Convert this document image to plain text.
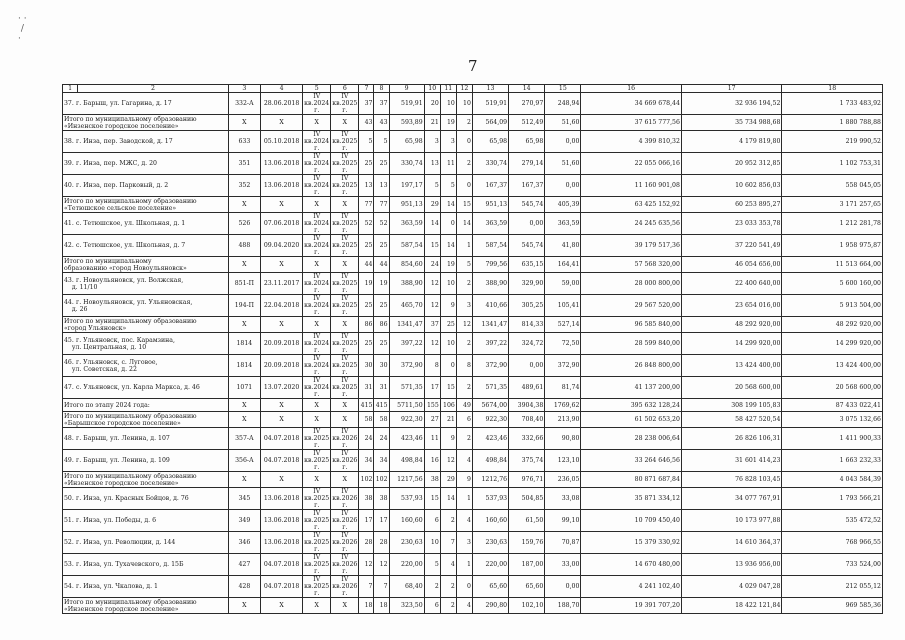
· ·
/
·
7
1	2	3	4	5	6	7	8	9	10	11	12	13	14	15	16	17	18

37. г. Барыш, ул. Гагарина, д. 17		332-А	28.06.2018	IV кв.2024 г.	IV кв.2025 г.	37	37	519,91	20	10	10	519,91	270,97	248,94	34 669 678,44	32 936 194,52	1 733 483,92

Итого по муниципальному образованию
«Инзенское городское поселение»		X	X	X	X	43	43	593,89	21	19	2	564,09	512,49	51,60	37 615 777,56	35 734 988,68	1 880 788,88

38. г. Инза, пер. Заводской, д. 17		633	05.10.2018	IV кв.2024 г.	IV кв.2025 г.	5	5	65,98	3	3	0	65,98	65,98	0,00	4 399 810,32	4 179 819,80	219 990,52

39. г. Инза, пер. МЖС, д. 20		351	13.06.2018	IV кв.2024 г.	IV кв.2025 г.	25	25	330,74	13	11	2	330,74	279,14	51,60	22 055 066,16	20 952 312,85	1 102 753,31

40. г. Инза, пер. Парковый, д. 2		352	13.06.2018	IV кв.2024 г.	IV кв.2025 г.	13	13	197,17	5	5	0	167,37	167,37	0,00	11 160 901,08	10 602 856,03	558 045,05

Итого по муниципальному образованию
«Тетюшское сельское поселение»		X	X	X	X	77	77	951,13	29	14	15	951,13	545,74	405,39	63 425 152,92	60 253 895,27	3 171 257,65

41. с. Тетюшское, ул. Школьная, д. 1		526	07.06.2018	IV кв.2024 г.	IV кв.2025 г.	52	52	363,59	14	0	14	363,59	0,00	363,59	24 245 635,56	23 033 353,78	1 212 281,78

42. с. Тетюшское, ул. Школьная, д. 7		488	09.04.2020	IV кв.2024 г.	IV кв.2025 г.	25	25	587,54	15	14	1	587,54	545,74	41,80	39 179 517,36	37 220 541,49	1 958 975,87

Итого по муниципальному
образованию «город Новоульяновск»		X	X	X	X	44	44	854,60	24	19	5	799,56	635,15	164,41	57 568 320,00	46 054 656,00	11 513 664,00

43. г. Новоульяновск, ул. Волжская,
д. 11/10		851-П	23.11.2017	IV кв.2024 г.	IV кв.2025 г.	19	19	388,90	12	10	2	388,90	329,90	59,00	28 000 800,00	22 400 640,00	5 600 160,00

44. г. Новоульяновск, ул. Ульяновская,
д. 26		194-П	22.04.2018	IV кв.2024 г.	IV кв.2025 г.	25	25	465,70	12	9	3	410,66	305,25	105,41	29 567 520,00	23 654 016,00	5 913 504,00

Итого по муниципальному образованию
«город Ульяновск»		X	X	X	X	86	86	1341,47	37	25	12	1341,47	814,33	527,14	96 585 840,00	48 292 920,00	48 292 920,00

45. г. Ульяновск, пос. Карамзина,
ул. Центральная, д. 10		1814	20.09.2018	IV кв.2024 г.	IV кв.2025 г.	25	25	397,22	12	10	2	397,22	324,72	72,50	28 599 840,00	14 299 920,00	14 299 920,00

46. г. Ульяновск, с. Луговое,
ул. Советская, д. 22		1814	20.09.2018	IV кв.2024 г.	IV кв.2025 г.	30	30	372,90	8	0	8	372,90	0,00	372,90	26 848 800,00	13 424 400,00	13 424 400,00

47. с. Ульяновск, ул. Карла Маркса, д. 46		1071	13.07.2020	IV кв.2024 г.	IV кв.2025 г.	31	31	571,35	17	15	2	571,35	489,61	81,74	41 137 200,00	20 568 600,00	20 568 600,00

Итого по этапу 2024 года:		X	X	X	X	415	415	5711,50	155	106	49	5674,00	3904,38	1769,62	395 632 128,24	308 199 105,83	87 433 022,41

Итого по муниципальному образованию
«Барышское городское поселение»		X	X	X	X	58	58	922,30	27	21	6	922,30	708,40	213,90	61 502 653,20	58 427 520,54	3 075 132,66

48. г. Барыш, ул. Ленина, д. 107		357-А	04.07.2018	IV кв.2025 г.	IV кв.2026 г.	24	24	423,46	11	9	2	423,46	332,66	90,80	28 238 006,64	26 826 106,31	1 411 900,33

49. г. Барыш, ул. Ленина, д. 109		356-А	04.07.2018	IV кв.2025 г.	IV кв.2026 г.	34	34	498,84	16	12	4	498,84	375,74	123,10	33 264 646,56	31 601 414,23	1 663 232,33

Итого по муниципальному образованию
«Инзенское городское поселение»		X	X	X	X	102	102	1217,56	38	29	9	1212,76	976,71	236,05	80 871 687,84	76 828 103,45	4 043 584,39

50. г. Инза, ул. Красных Бойцов, д. 76		345	13.06.2018	IV кв.2025 г.	IV кв.2026 г.	38	38	537,93	15	14	1	537,93	504,85	33,08	35 871 334,12	34 077 767,91	1 793 566,21

51. г. Инза, ул. Победы, д. 6		349	13.06.2018	IV кв.2025 г.	IV кв.2026 г.	17	17	160,60	6	2	4	160,60	61,50	99,10	10 709 450,40	10 173 977,88	535 472,52

52. г. Инза, ул. Революции, д. 144		346	13.06.2018	IV кв.2025 г.	IV кв.2026 г.	28	28	230,63	10	7	3	230,63	159,76	70,87	15 379 330,92	14 610 364,37	768 966,55

53. г. Инза, ул. Тухачевского, д. 15Б		427	04.07.2018	IV кв.2025 г.	IV кв.2026 г.	12	12	220,00	5	4	1	220,00	187,00	33,00	14 670 480,00	13 936 956,00	733 524,00

54. г. Инза, ул. Чкалова, д. 1		428	04.07.2018	IV кв.2025 г.	IV кв.2026 г.	7	7	68,40	2	2	0	65,60	65,60	0,00	4 241 102,40	4 029 047,28	212 055,12

Итого по муниципальному образованию
«Инзенское городское поселение»		X	X	X	X	18	18	323,50	6	2	4	290,80	102,10	188,70	19 391 707,20	18 422 121,84	969 585,36
